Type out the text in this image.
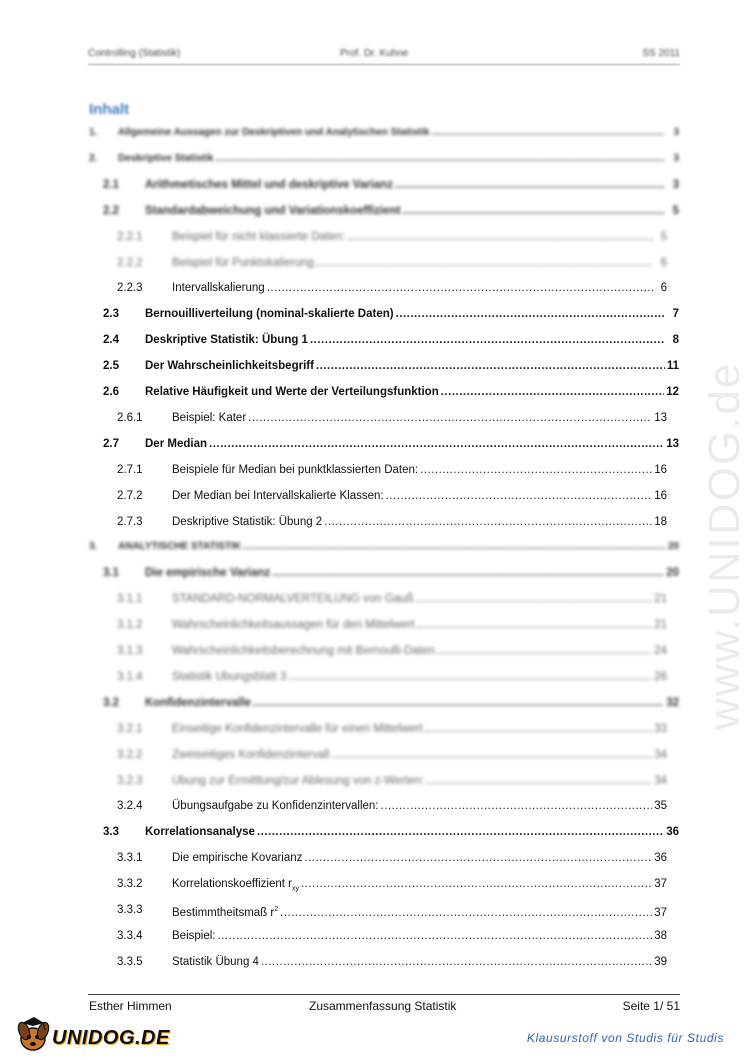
Controlling (Statistik)	Prof. Dr. Kuhne	SS 2011
Inhalt
1. Allgemeine Aussagen zur Deskriptiven und Analytischen Statistik .....	3
2. Deskriptive Statistik .....	3
2.1 Arithmetisches Mittel und deskriptive Varianz .....	3
2.2 Standardabweichung und Variationskoeffizient .....	5
2.2.1	Beispiel für nicht klassierte Daten: .....	5
2.2.2	Beispiel für Punktskalierung .....	6
2.2.3	Intervallskalierung .....	6
2.3 Bernouilliverteilung (nominal-skalierte Daten) .....	7
2.4 Deskriptive Statistik: Übung 1 .....	8
2.5 Der Wahrscheinlichkeitsbegriff .....	11
2.6 Relative Häufigkeit und Werte der Verteilungsfunktion .....	12
2.6.1	Beispiel: Kater .....	13
2.7 Der Median .....	13
2.7.1	Beispiele für Median bei punktklassierten Daten: .....	16
2.7.2	Der Median bei Intervallskalierte Klassen: .....	16
2.7.3	Deskriptive Statistik: Übung 2 .....	18
3. ANALYTISCHE STATISTIK .....	20
3.1 Die empirische Varianz .....	20
3.1.1	STANDARD-NORMALVERTEILUNG von Gauß .....	21
3.1.2	Wahrscheinlichkeitsaussagen für den Mittelwert .....	21
3.1.3	Wahrscheinlichkeitsberechnung mit Bernoulli-Daten .....	24
3.1.4	Statistik Übungsblatt 3 .....	26
3.2 Konfidenzintervalle .....	32
3.2.1	Einseitige Konfidenzintervalle für einen Mittelwert .....	33
3.2.2	Zweiseitiges Konfidenzintervall .....	34
3.2.3	Übung zur Ermittlung/zur Ablesung von z-Werten: .....	34
3.2.4	Übungsaufgabe zu Konfidenzintervallen: .....	35
3.3 Korrelationsanalyse .....	36
3.3.1	Die empirische Kovarianz .....	36
3.3.2	Korrelationskoeffizient $r_{xy}$ .....	37
3.3.3	Bestimmtheitsmaß $r^2$ .....	37
3.3.4	Beispiel: .....	38
3.3.5	Statistik Übung 4 .....	39
www.UNIDOG.de
Esther Himmen	Zusammenfassung Statistik	Seite 1/ 51
UNIDOG.DE	Klausurstoff von Studis für Studis
